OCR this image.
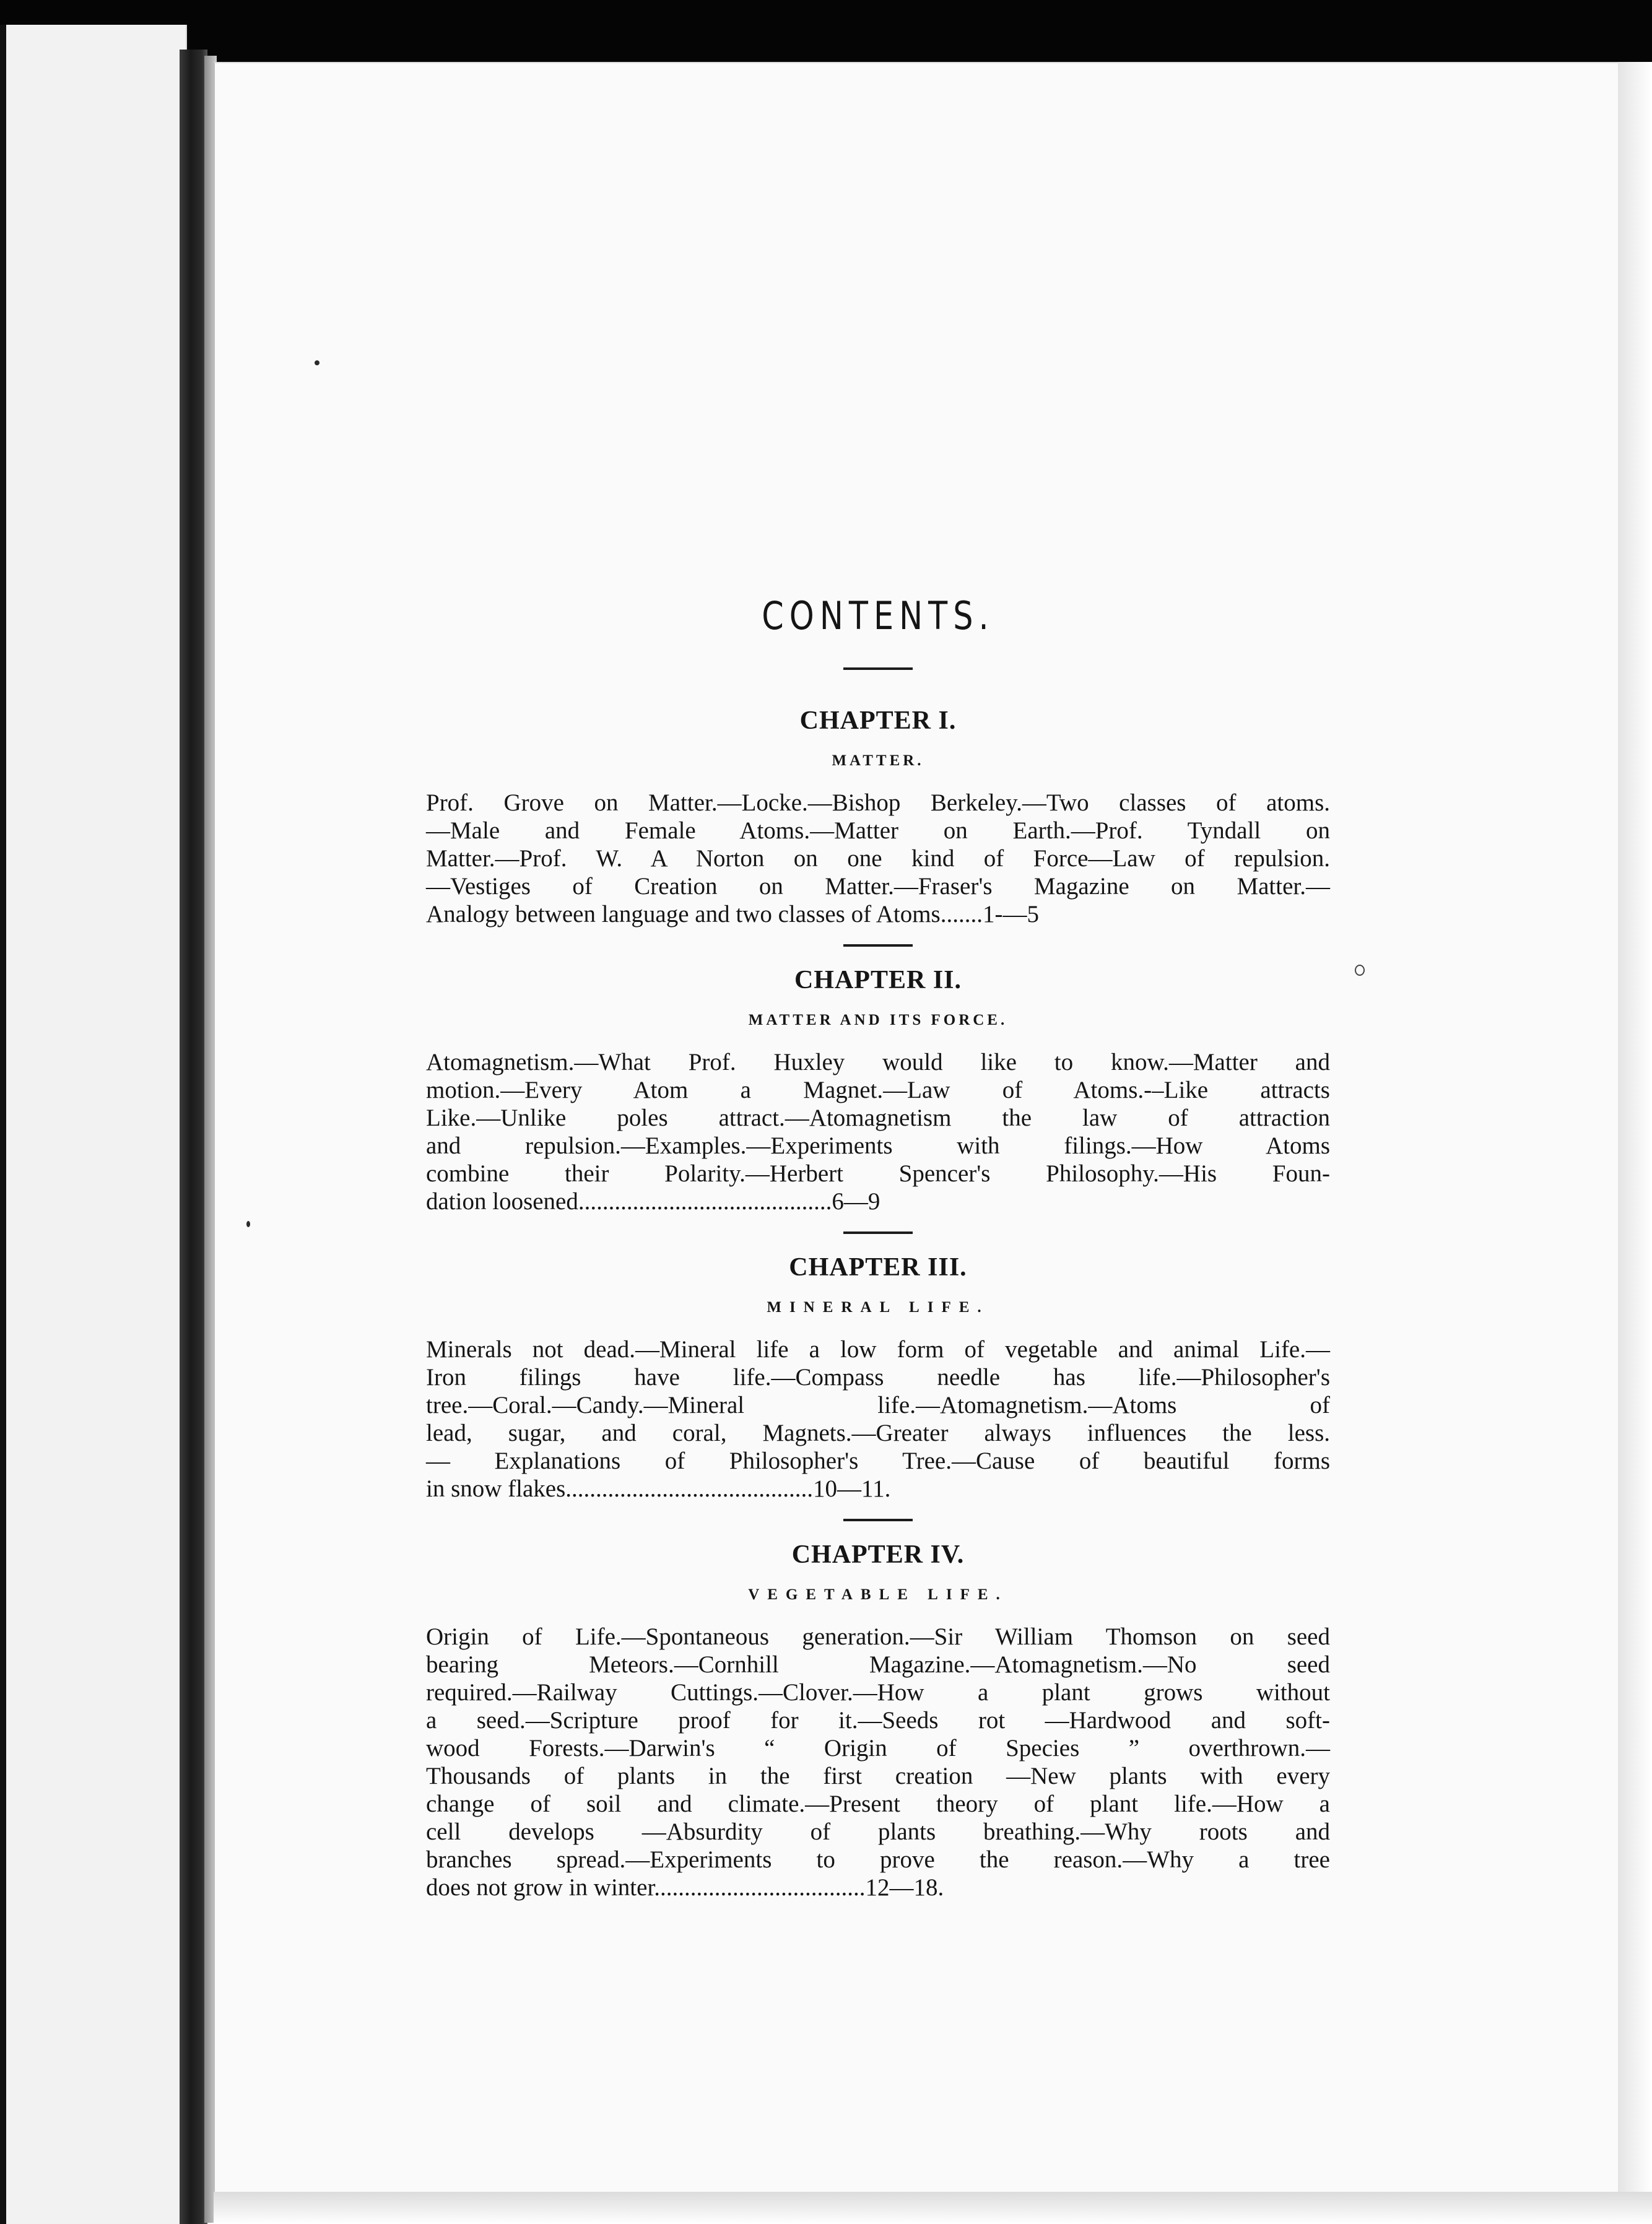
CONTENTS.
CHAPTER I.
MATTER.

Prof. Grove on Matter.—Locke.—Bishop Berkeley.—Two classes of atoms.
—Male and Female Atoms.—Matter on Earth.—Prof. Tyndall on
Matter.—Prof. W. A Norton on one kind of Force—Law of repulsion.
—Vestiges of Creation on Matter.—Fraser's Magazine on Matter.—
Analogy between language and two classes of Atoms.......1-—5

CHAPTER II.
MATTER AND ITS FORCE.

Atomagnetism.—What Prof. Huxley would like to know.—Matter and
motion.—Every Atom a Magnet.—Law of Atoms.-–Like attracts
Like.—Unlike poles attract.—Atomagnetism the law of attraction
and repulsion.—Examples.—Experiments with filings.—How Atoms
combine their Polarity.—Herbert Spencer's Philosophy.—His Foun-
dation loosened..........................................6—9

CHAPTER III.
MINERAL LIFE.

Minerals not dead.—Mineral life a low form of vegetable and animal Life.—
Iron filings have life.—Compass needle has life.—Philosopher's
tree.—Coral.—Candy.—Mineral life.—Atomagnetism.—Atoms of
lead, sugar, and coral, Magnets.—Greater always influences the less.
— Explanations of Philosopher's Tree.—Cause of beautiful forms
in snow flakes.........................................10—11.

CHAPTER IV.
VEGETABLE LIFE.

Origin of Life.—Spontaneous generation.—Sir William Thomson on seed
bearing Meteors.—Cornhill Magazine.—Atomagnetism.—No seed
required.—Railway Cuttings.—Clover.—How a plant grows without
a seed.—Scripture proof for it.—Seeds rot —Hardwood and soft-
wood Forests.—Darwin's “ Origin of Species ” overthrown.—
Thousands of plants in the first creation —New plants with every
change of soil and climate.—Present theory of plant life.—How a
cell develops —Absurdity of plants breathing.—Why roots and
branches spread.—Experiments to prove the reason.—Why a tree
does not grow in winter...................................12—18.
